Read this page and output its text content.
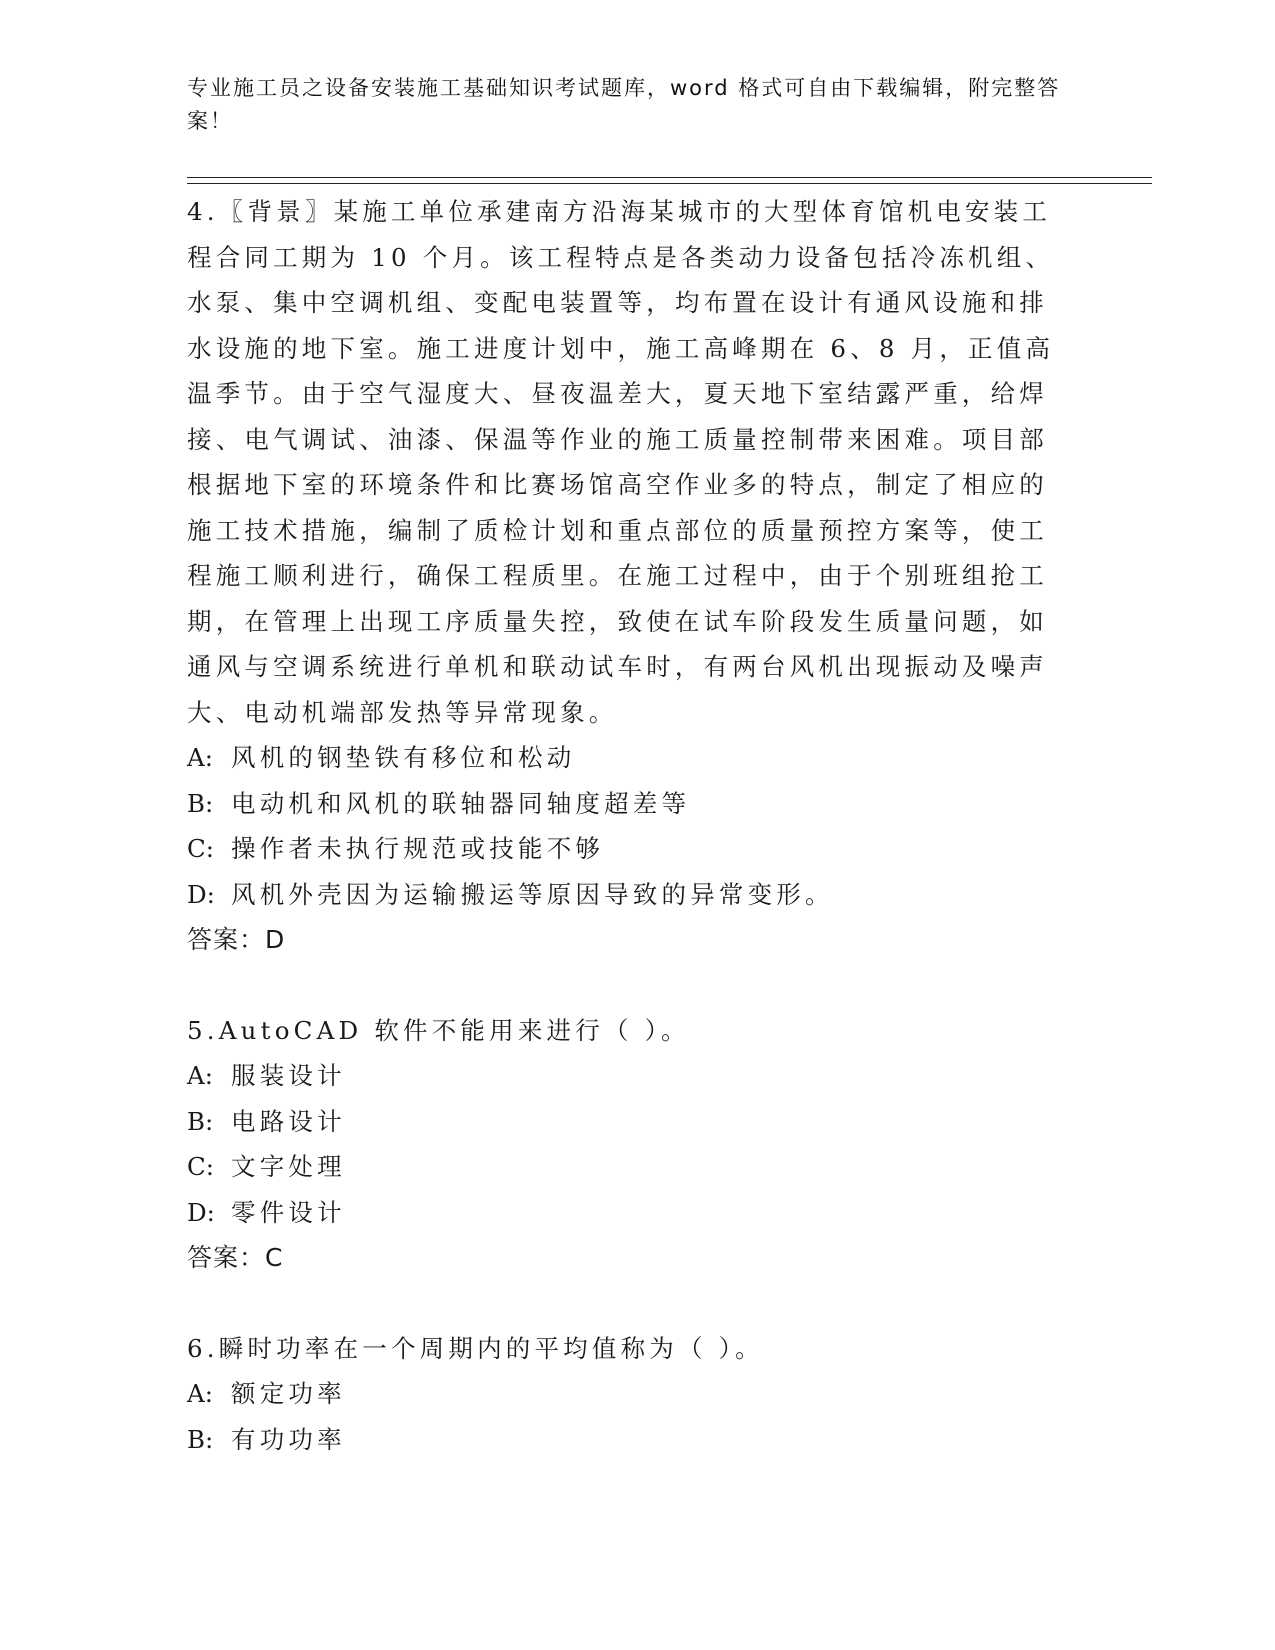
专业施工员之设备安装施工基础知识考试题库，word 格式可自由下载编辑，附完整答案！

4.〖背景〗某施工单位承建南方沿海某城市的大型体育馆机电安装工程合同工期为 10 个月。该工程特点是各类动力设备包括冷冻机组、水泵、集中空调机组、变配电装置等，均布置在设计有通风设施和排水设施的地下室。施工进度计划中，施工高峰期在 6、8 月，正值高温季节。由于空气湿度大、昼夜温差大，夏天地下室结露严重，给焊接、电气调试、油漆、保温等作业的施工质量控制带来困难。项目部根据地下室的环境条件和比赛场馆高空作业多的特点，制定了相应的施工技术措施，编制了质检计划和重点部位的质量预控方案等，使工程施工顺利进行，确保工程质里。在施工过程中，由于个别班组抢工期，在管理上出现工序质量失控，致使在试车阶段发生质量问题，如通风与空调系统进行单机和联动试车时，有两台风机出现振动及噪声大、电动机端部发热等异常现象。

A: 风机的钢垫铁有移位和松动

B: 电动机和风机的联轴器同轴度超差等

C: 操作者未执行规范或技能不够

D: 风机外壳因为运输搬运等原因导致的异常变形。

答案：D

5.AutoCAD 软件不能用来进行（ ）。

A: 服装设计

B: 电路设计

C: 文字处理

D: 零件设计

答案：C

6.瞬时功率在一个周期内的平均值称为（ ）。

A: 额定功率

B: 有功功率
